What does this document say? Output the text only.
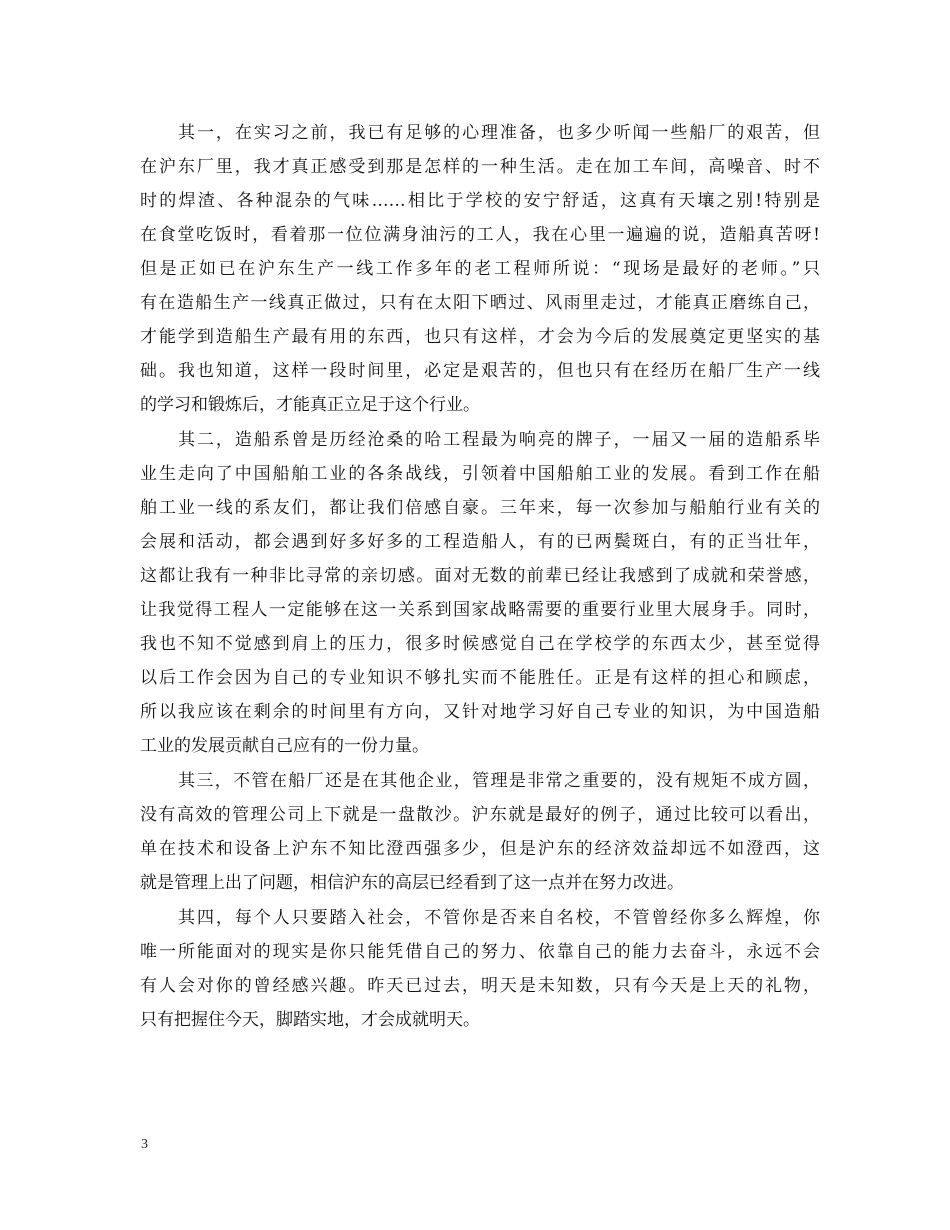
其一，在实习之前，我已有足够的心理准备，也多少听闻一些船厂的艰苦，但
在沪东厂里，我才真正感受到那是怎样的一种生活。走在加工车间，高噪音、时不
时的焊渣、各种混杂的气味……相比于学校的安宁舒适，这真有天壤之别!特别是
在食堂吃饭时，看着那一位位满身油污的工人，我在心里一遍遍的说，造船真苦呀!
但是正如已在沪东生产一线工作多年的老工程师所说：“现场是最好的老师。”只
有在造船生产一线真正做过，只有在太阳下晒过、风雨里走过，才能真正磨练自己，
才能学到造船生产最有用的东西，也只有这样，才会为今后的发展奠定更坚实的基
础。我也知道，这样一段时间里，必定是艰苦的，但也只有在经历在船厂生产一线
的学习和锻炼后，才能真正立足于这个行业。
其二，造船系曾是历经沧桑的哈工程最为响亮的牌子，一届又一届的造船系毕
业生走向了中国船舶工业的各条战线，引领着中国船舶工业的发展。看到工作在船
舶工业一线的系友们，都让我们倍感自豪。三年来，每一次参加与船舶行业有关的
会展和活动，都会遇到好多好多的工程造船人，有的已两鬓斑白，有的正当壮年，
这都让我有一种非比寻常的亲切感。面对无数的前辈已经让我感到了成就和荣誉感，
让我觉得工程人一定能够在这一关系到国家战略需要的重要行业里大展身手。同时，
我也不知不觉感到肩上的压力，很多时候感觉自己在学校学的东西太少，甚至觉得
以后工作会因为自己的专业知识不够扎实而不能胜任。正是有这样的担心和顾虑，
所以我应该在剩余的时间里有方向，又针对地学习好自己专业的知识，为中国造船
工业的发展贡献自己应有的一份力量。
其三，不管在船厂还是在其他企业，管理是非常之重要的，没有规矩不成方圆，
没有高效的管理公司上下就是一盘散沙。沪东就是最好的例子，通过比较可以看出，
单在技术和设备上沪东不知比澄西强多少，但是沪东的经济效益却远不如澄西，这
就是管理上出了问题，相信沪东的高层已经看到了这一点并在努力改进。
其四，每个人只要踏入社会，不管你是否来自名校，不管曾经你多么辉煌，你
唯一所能面对的现实是你只能凭借自己的努力、依靠自己的能力去奋斗，永远不会
有人会对你的曾经感兴趣。昨天已过去，明天是未知数，只有今天是上天的礼物，
只有把握住今天，脚踏实地，才会成就明天。
3
